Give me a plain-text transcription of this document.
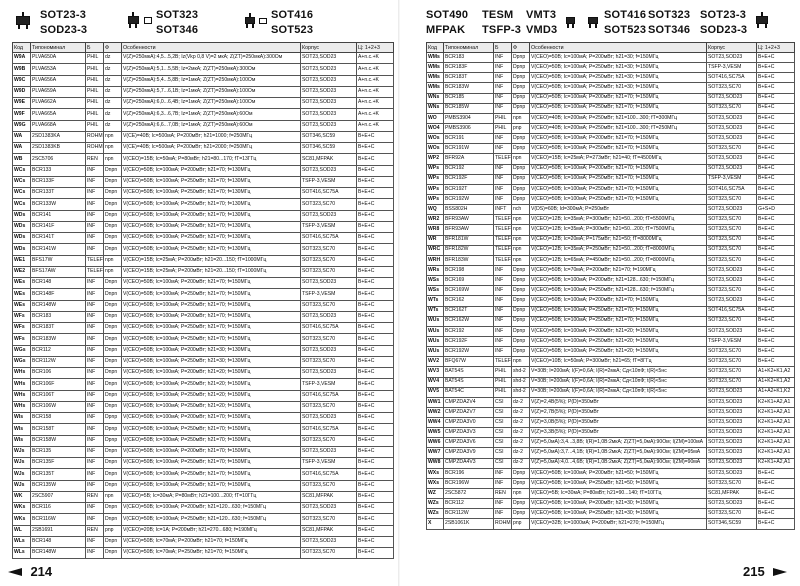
SOT23-3
SOD23-3
SOT323
SOT346
SOT416
SOT523
Код	Типономинал	Б	Ф	Особенности	Корпус	Ц: 1+2+3
W9A	PLVA650A	PHIL	dz	V(Z)=250мкА):4,5...5,2В; Iz(Vkp 0,8 V)=2 мкА; Z(ZT)=250мкА):300Ом	SOT23,SOD23	A+n.c.+K
W9B	PLVA653A	PHIL	dz	V(Z)=250мкА):5,1...5,5В; Iz=2мкА; Z(ZT)=250мкА):300Ом	SOT23,SOD23	A+n.c.+K
W9C	PLVA656A	PHIL	dz	V(Z)=250мкА):5,4...5,8В; Iz=1мкА; Z(ZT)=250мкА):100Ом	SOT23,SOD23	A+n.c.+K
W9D	PLVA659A	PHIL	dz	V(Z)=250мкА):5,7...6,1В; Iz=1мкА; Z(ZT)=250мкА):100Ом	SOT23,SOD23	A+n.c.+K
W9E	PLVA662A	PHIL	dz	V(Z)=250мкА):6,0...6,4В; Iz=1мкА; Z(ZT)=250мкА):100Ом	SOT23,SOD23	A+n.c.+K
W9F	PLVA665A	PHIL	dz	V(Z)=250мкА):6,3...6,7В; Iz=1мкА; Z(ZT)=250мкА):60Ом	SOT23,SOD23	A+n.c.+K
W9G	PLVA668A	PHIL	dz	V(Z)=250мкА):6,6...7,0В; Iz=1мкА; Z(ZT)=250мкА):60Ом	SOT23,SOD23	A+n.c.+K
WA	2SD1383KA	ROHM	npn	V(CE)=40В; Ic=500мА; P=200мВт; h21=1000; f=250МГц	SOT346,SC59	B+E+C
WA	2SD1383KB	ROHM	npn	V(CE)=40В; Ic=500мА; P=200мВт; h21=2000; f=250МГц	SOT346,SC59	B+E+C
WB	2SC5706	REN	npn	V(CEO)=15В; Ic=50мА; P=80мВт; h21=80...170; fT=13ГГц	SC81,MFPAK	B+E+C
WCs	BCR133	INF	Dnpn	V(CEO)=50В; Ic=100мА; P=200мВт; h21=70; f=130МГц	SOT23,SOD23	B+E+C
WCs	BCR133F	INF	Dnpn	V(CEO)=50В; Ic=100мА; P=250мВт; h21=70; f=130МГц	TSFP-3,VESM	B+E+C
WCs	BCR133T	INF	Dnpn	V(CEO)=50В; Ic=100мА; P=250мВт; h21=70; f=130МГц	SOT416,SC75A	B+E+C
WCs	BCR133W	INF	Dnpn	V(CEO)=50В; Ic=100мА; P=250мВт; h21=70; f=130МГц	SOT323,SC70	B+E+C
WDs	BCR141	INF	Dnpn	V(CEO)=50В; Ic=100мА; P=200мВт; h21=70; f=130МГц	SOT23,SOD23	B+E+C
WDs	BCR141F	INF	Dnpn	V(CEO)=50В; Ic=100мА; P=250мВт; h21=70; f=130МГц	TSFP-3,VESM	B+E+C
WDs	BCR141T	INF	Dnpn	V(CEO)=50В; Ic=100мА; P=250мВт; h21=70; f=130МГц	SOT416,SC75A	B+E+C
WDs	BCR141W	INF	Dnpn	V(CEO)=50В; Ic=100мА; P=250мВт; h21=70; f=130МГц	SOT323,SC70	B+E+C
WE1	BFS17W	TELEF	npn	V(CEO)=15В; Ic=25мА; P=200мВт; h21=20...150; fT=1000МГц	SOT323,SC70	B+E+C
WE2	BFS17AW	TELEF	npn	V(CEO)=15В; Ic=25мА; P=200мВт; h21=20...150; fT=1000МГц	SOT323,SC70	B+E+C
WEs	BCR148	INF	Dnpn	V(CEO)=50В; Ic=100мА; P=200мВт; h21=70; f=150МГц	SOT23,SOD23	B+E+C
WEs	BCR148F	INF	Dnpn	V(CEO)=50В; Ic=100мА; P=250мВт; h21=70; f=150МГц	TSFP-3,VESM	B+E+C
WEs	BCR148W	INF	Dnpn	V(CEO)=50В; Ic=100мА; P=250мВт; h21=70; f=150МГц	SOT323,SC70	B+E+C
WFs	BCR183	INF	Dnpn	V(CEO)=50В; Ic=100мА; P=200мВт; h21=70; f=150МГц	SOT23,SOD23	B+E+C
WFs	BCR183T	INF	Dnpn	V(CEO)=50В; Ic=100мА; P=250мВт; h21=70; f=150МГц	SOT416,SC75A	B+E+C
WFs	BCR183W	INF	Dnpn	V(CEO)=50В; Ic=100мА; P=250мВт; h21=70; f=150МГц	SOT323,SC70	B+E+C
WGs	BCR112	INF	Dnpn	V(CEO)=50В; Ic=100мА; P=200мВт; h21=30; f=130МГц	SOT23,SOD23	B+E+C
WGs	BCR112W	INF	Dnpn	V(CEO)=50В; Ic=100мА; P=250мВт; h21=30; f=130МГц	SOT323,SC70	B+E+C
WHs	BCR106	INF	Dnpn	V(CEO)=50В; Ic=100мА; P=200мВт; h21=20; f=150МГц	SOT23,SOD23	B+E+C
WHs	BCR106F	INF	Dnpn	V(CEO)=50В; Ic=100мА; P=250мВт; h21=20; f=150МГц	TSFP-3,VESM	B+E+C
WHs	BCR106T	INF	Dnpn	V(CEO)=50В; Ic=100мА; P=250мВт; h21=20; f=150МГц	SOT416,SC75A	B+E+C
WHs	BCR106W	INF	Dnpn	V(CEO)=50В; Ic=100мА; P=250мВт; h21=20; f=150МГц	SOT323,SC70	B+E+C
WIs	BCR158	INF	Dpnp	V(CEO)=50В; Ic=100мА; P=200мВт; h21=70; f=150МГц	SOT23,SOD23	B+E+C
WIs	BCR158T	INF	Dpnp	V(CEO)=50В; Ic=100мА; P=250мВт; h21=70; f=150МГц	SOT416,SC75A	B+E+C
WIs	BCR158W	INF	Dpnp	V(CEO)=50В; Ic=100мА; P=250мВт; h21=70; f=150МГц	SOT323,SC70	B+E+C
WJs	BCR135	INF	Dnpn	V(CEO)=50В; Ic=100мА; P=200мВт; h21=70; f=150МГц	SOT23,SOD23	B+E+C
WJs	BCR135F	INF	Dnpn	V(CEO)=50В; Ic=100мА; P=250мВт; h21=70; f=150МГц	TSFP-3,VESM	B+E+C
WJs	BCR135T	INF	Dnpn	V(CEO)=50В; Ic=100мА; P=250мВт; h21=70; f=150МГц	SOT416,SC75A	B+E+C
WJs	BCR135W	INF	Dnpn	V(CEO)=50В; Ic=100мА; P=250мВт; h21=70; f=150МГц	SOT323,SC70	B+E+C
WK	2SC5907	REN	npn	V(CEO)=5В; Ic=30мА; P=80мВт; h21=100...200; fT=10ГГц	SC81,MFPAK	B+E+C
WKs	BCR116	INF	Dnpn	V(CEO)=50В; Ic=100мА; P=200мВт; h21=120...630; f=150МГц	SOT23,SOD23	B+E+C
WKs	BCR116W	INF	Dnpn	V(CEO)=50В; Ic=100мА; P=250мВт; h21=120...630; f=150МГц	SOT323,SC70	B+E+C
WL	2SB1691	REN	pnp	V(CEO)=20В; Ic=1А; P=200мВт; h21=270...680; f=190МГц	SC81,MFPAK	B+E+C
WLs	BCR148	INF	Dnpn	V(CEO)=50В; Ic=70мА; P=200мВт; h21=70; f=150МГц	SOT23,SOD23	B+E+C
WLs	BCR148W	INF	Dnpn	V(CEO)=50В; Ic=70мА; P=250мВт; h21=70; f=150МГц	SOT323,SC70	B+E+C
214
SOT490
MFPAK
TESM
TSFP-3
VMT3
VMD3
SOT416
SOT523
SOT323
SOT346
SOT23-3
SOD23-3
Код	Типономинал	Б	Ф	Особенности	Корпус	Ц: 1+2+3
WMs	BCR183	INF	Dpnp	V(CEO)=50В; Ic=100мА; P=200мВт; h21=30; f=150МГц	SOT23,SOD23	B+E+C
WMs	BCR183F	INF	Dpnp	V(CEO)=50В; Ic=100мА; P=250мВт; h21=30; f=150МГц	TSFP-3,VESM	B+E+C
WMs	BCR183T	INF	Dpnp	V(CEO)=50В; Ic=100мА; P=250мВт; h21=30; f=150МГц	SOT416,SC75A	B+E+C
WMs	BCR183W	INF	Dpnp	V(CEO)=50В; Ic=100мА; P=250мВт; h21=30; f=150МГц	SOT323,SC70	B+E+C
WNs	BCR185	INF	Dpnp	V(CEO)=50В; Ic=100мА; P=200мВт; h21=70; f=150МГц	SOT23,SOD23	B+E+C
WNs	BCR185W	INF	Dpnp	V(CEO)=50В; Ic=100мА; P=250мВт; h21=70; f=150МГц	SOT323,SC70	B+E+C
WO	PMBS3904	PHIL	npn	V(CEO)=40В; Ic=200мА; P=250мВт; h21=100...300; fT=300МГц	SOT23,SOD23	B+E+C
WO4	PMBS3906	PHIL	pnp	V(CEO)=40В; Ic=200мА; P=250мВт; h21=100...300; fT=250МГц	SOT23,SOD23	B+E+C
WOs	BCR191	INF	Dpnp	V(CEO)=50В; Ic=100мА; P=200мВт; h21=70; f=150МГц	SOT23,SOD23	B+E+C
WOs	BCR191W	INF	Dpnp	V(CEO)=50В; Ic=100мА; P=250мВт; h21=70; f=150МГц	SOT323,SC70	B+E+C
WP2	BFR92A	TELEF	npn	V(CEO)=15В; Ic=25мА; P=273мВт; h21=40; fT=4500МГц	SOT23,SOD23	B+E+C
WPs	BCR192	INF	Dpnp	V(CEO)=50В; Ic=100мА; P=200мВт; h21=70; f=150МГц	SOT23,SOD23	B+E+C
WPs	BCR192F	INF	Dpnp	V(CEO)=50В; Ic=100мА; P=250мВт; h21=70; f=150МГц	TSFP-3,VESM	B+E+C
WPs	BCR192T	INF	Dpnp	V(CEO)=50В; Ic=100мА; P=250мВт; h21=70; f=150МГц	SOT416,SC75A	B+E+C
WPs	BCR192W	INF	Dpnp	V(CEO)=50В; Ic=100мА; P=250мВт; h21=70; f=150МГц	SOT323,SC70	B+E+C
WQ	BSS802H	INFT	nch	V(DS)=60В; Id=300мА; P=250мВт	SOT23,SOD23	G+S+D
WR2	BFR93AW	TELEF	npn	V(CEO)=12В; Ic=35мА; P=300мВт; h21=50...200; fT=5500МГц	SOT323,SC70	B+E+C
WR8	BFR93AW	TELEF	npn	V(CEO)=12В; Ic=35мА; P=300мВт; h21=50...200; fT=7500МГц	SOT323,SC70	B+E+C
WR	BFR181W	TELEF	npn	V(CEO)=12В; Ic=20мА; P=175мВт; h21=50; fT=8000МГц	SOT323,SC70	B+E+C
WRC	BFR182W	TELEF	npn	V(CEO)=12В; Ic=35мА; P=250мВт; h21=50...200; fT=8000МГц	SOT323,SC70	B+E+C
WRH	BFR183W	TELEF	npn	V(CEO)=12В; Ic=65мА; P=450мВт; h21=50...200; fT=8000МГц	SOT323,SC70	B+E+C
WRs	BCR198	INF	Dpnp	V(CEO)=50В; Ic=70мА; P=200мВт; h21=70; f=190МГц	SOT23,SOD23	B+E+C
WSs	BCR169	INF	Dpnp	V(CEO)=50В; Ic=100мА; P=200мВт; h21=128...630; f=150МГц	SOT23,SOD23	B+E+C
WSs	BCR169W	INF	Dpnp	V(CEO)=50В; Ic=100мА; P=250мВт; h21=128...630; f=150МГц	SOT323,SC70	B+E+C
WTs	BCR162	INF	Dpnp	V(CEO)=50В; Ic=100мА; P=200мВт; h21=70; f=150МГц	SOT23,SOD23	B+E+C
WTs	BCR162T	INF	Dpnp	V(CEO)=50В; Ic=100мА; P=250мВт; h21=70; f=150МГц	SOT416,SC75A	B+E+C
WUs	BCR162W	INF	Dpnp	V(CEO)=50В; Ic=100мА; P=250мВт; h21=70; f=150МГц	SOT323,SC70	B+E+C
WUs	BCR192	INF	Dpnp	V(CEO)=50В; Ic=100мА; P=200мВт; h21=20; f=150МГц	SOT23,SOD23	B+E+C
WUs	BCR192F	INF	Dpnp	V(CEO)=50В; Ic=100мА; P=250мВт; h21=20; f=150МГц	TSFP-3,VESM	B+E+C
WUs	BCR192W	INF	Dpnp	V(CEO)=50В; Ic=100мА; P=250мВт; h21=20; f=150МГц	SOT323,SC70	B+E+C
WV2	BFQ67W	TELEF	npn	V(CEO)=10В; Ic=50мА; P=300мВт; h21=65; fT=8ГГц	SOT323,SC70	B+E+C
WV3	BAT54S	PHIL	shd-2	V=30В; I=200мА; I(F)=0,6А; I(R)=2мкА; Cд<10пФ; t(R)<5нс	SOT323,SC70	A1+K2+K1,A2
WV4	BAT54S	PHIL	shd-2	V=30В; I=200мА; I(F)=0,6А; I(R)=2мкА; Cд<10пФ; t(R)<5нс	SOT323,SC70	A1+K2+K1,A2
WV5	BAT54C	PHIL	shd-2	V=30В; I=200мА; I(F)=0,6А; I(R)=2мкА; Cд<10пФ; t(R)<5нс	SOT23,SOD23	A1+A2+K1,K2
WW1	CMPZDA2V4	CSI	dz-2	V(Z)=2,4В(5%); P(D)=350мВт	SOT23,SOD23	K2+K1+A2,A1
WW2	CMPZDA2V7	CSI	dz-2	V(Z)=2,7В(5%); P(D)=350мВт	SOT23,SOD23	K2+K1+A2,A1
WW4	CMPZDA3V0	CSI	dz-2	V(Z)=3,0В(5%); P(D)=350мВт	SOT23,SOD23	K2+K1+A2,A1
WW5	CMPZDA3V3	CSI	dz-2	V(Z)=3,3В(5%); P(D)=350мВт	SOT23,SOD23	K2+K1+A2,A1
WW6	CMPZDA3V6	CSI	dz-2	V(Z)=5,0мА):3,4...3,8В; I(R)=1,0В:2мкА; Z(ZT)=5,0мА):90Ом; I(ZM)=100мА	SOT23,SOD23	K2+K1+A2,A1
WW7	CMPZDA3V9	CSI	dz-2	V(Z)=5,0мА):3,7...4,1В; I(R)=1,0В:2мкА; Z(ZT)=5,0мА):90Ом; I(ZM)=95мА	SOT23,SOD23	K2+K1+A2,A1
WW8	CMPZDA4V3	CSI	dz-2	V(Z)=5,0мА):4,0...4,6В; I(R)=1,0В:2мкА; Z(ZT)=5,0мА):90Ом; I(ZM)=90мА	SOT23,SOD23	K2+K1+A2,A1
WXs	BCR196	INF	Dpnp	V(CEO)=50В; Ic=100мА; P=200мВт; h21=50; f=150МГц	SOT23,SOD23	B+E+C
WXs	BCR196W	INF	Dpnp	V(CEO)=50В; Ic=100мА; P=250мВт; h21=50; f=150МГц	SOT323,SC70	B+E+C
WZ	2SC5872	REN	npn	V(CEO)=5В; Ic=30мА; P=80мВт; h21=90...140; fT=10ГГц	SC81,MFPAK	B+E+C
WZs	BCR112	INF	Dpnp	V(CEO)=50В; Ic=100мА; P=200мВт; h21=30; f=150МГц	SOT23,SOD23	B+E+C
WZs	BCR112W	INF	Dpnp	V(CEO)=50В; Ic=100мА; P=250мВт; h21=30; f=150МГц	SOT323,SC70	B+E+C
X	2SB1061K	ROHM	pnp	V(CEO)=32В; Ic=1000мА; P=200мВт; h21=270; f=150МГц	SOT346,SC59	B+E+C
215
